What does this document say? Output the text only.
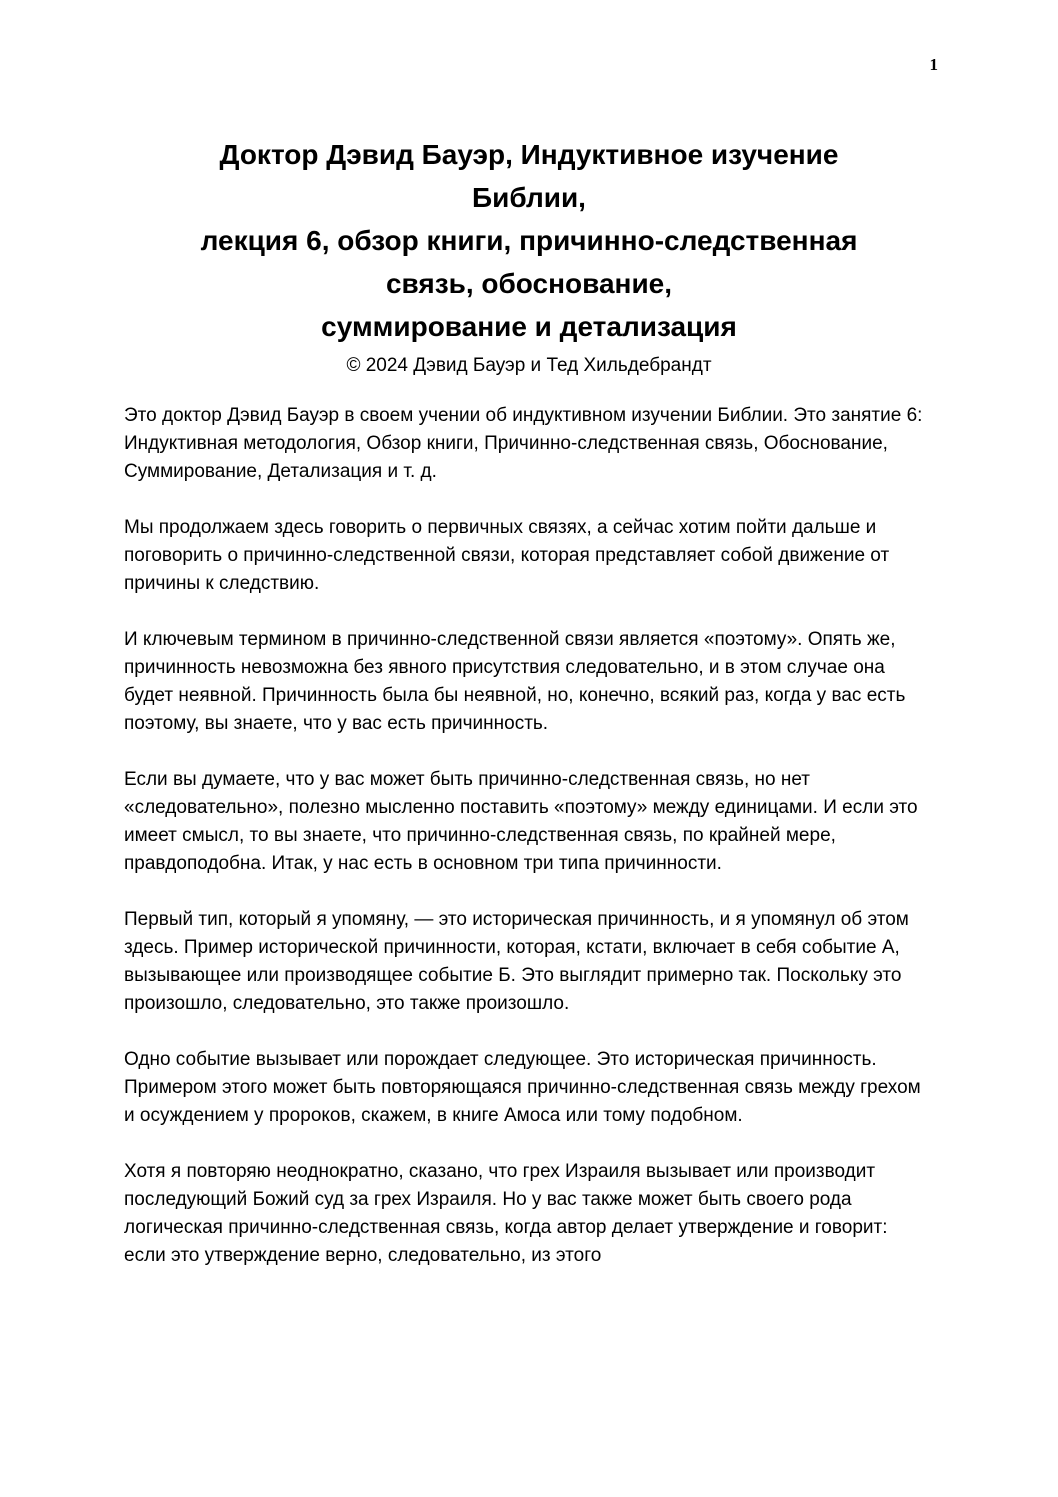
1
Доктор Дэвид Бауэр, Индуктивное изучение
Библии,
лекция 6, обзор книги, причинно-следственная
связь, обоснование,
суммирование и детализация
© 2024 Дэвид Бауэр и Тед Хильдебрандт

Это доктор Дэвид Бауэр в своем учении об индуктивном изучении Библии. Это занятие 6: Индуктивная методология, Обзор книги, Причинно-следственная связь, Обоснование, Суммирование, Детализация и т. д.

Мы продолжаем здесь говорить о первичных связях, а сейчас хотим пойти дальше и поговорить о причинно-следственной связи, которая представляет собой движение от причины к следствию.

И ключевым термином в причинно-следственной связи является «поэтому». Опять же, причинность невозможна без явного присутствия следовательно, и в этом случае она будет неявной. Причинность была бы неявной, но, конечно, всякий раз, когда у вас есть поэтому, вы знаете, что у вас есть причинность.

Если вы думаете, что у вас может быть причинно-следственная связь, но нет «следовательно», полезно мысленно поставить «поэтому» между единицами. И если это имеет смысл, то вы знаете, что причинно-следственная связь, по крайней мере, правдоподобна. Итак, у нас есть в основном три типа причинности.

Первый тип, который я упомяну, — это историческая причинность, и я упомянул об этом здесь. Пример исторической причинности, которая, кстати, включает в себя событие А, вызывающее или производящее событие Б. Это выглядит примерно так. Поскольку это произошло, следовательно, это также произошло.

Одно событие вызывает или порождает следующее. Это историческая причинность. Примером этого может быть повторяющаяся причинно-следственная связь между грехом и осуждением у пророков, скажем, в книге Амоса или тому подобном.

Хотя я повторяю неоднократно, сказано, что грех Израиля вызывает или производит последующий Божий суд за грех Израиля. Но у вас также может быть своего рода логическая причинно-следственная связь, когда автор делает утверждение и говорит: если это утверждение верно, следовательно, из этого
